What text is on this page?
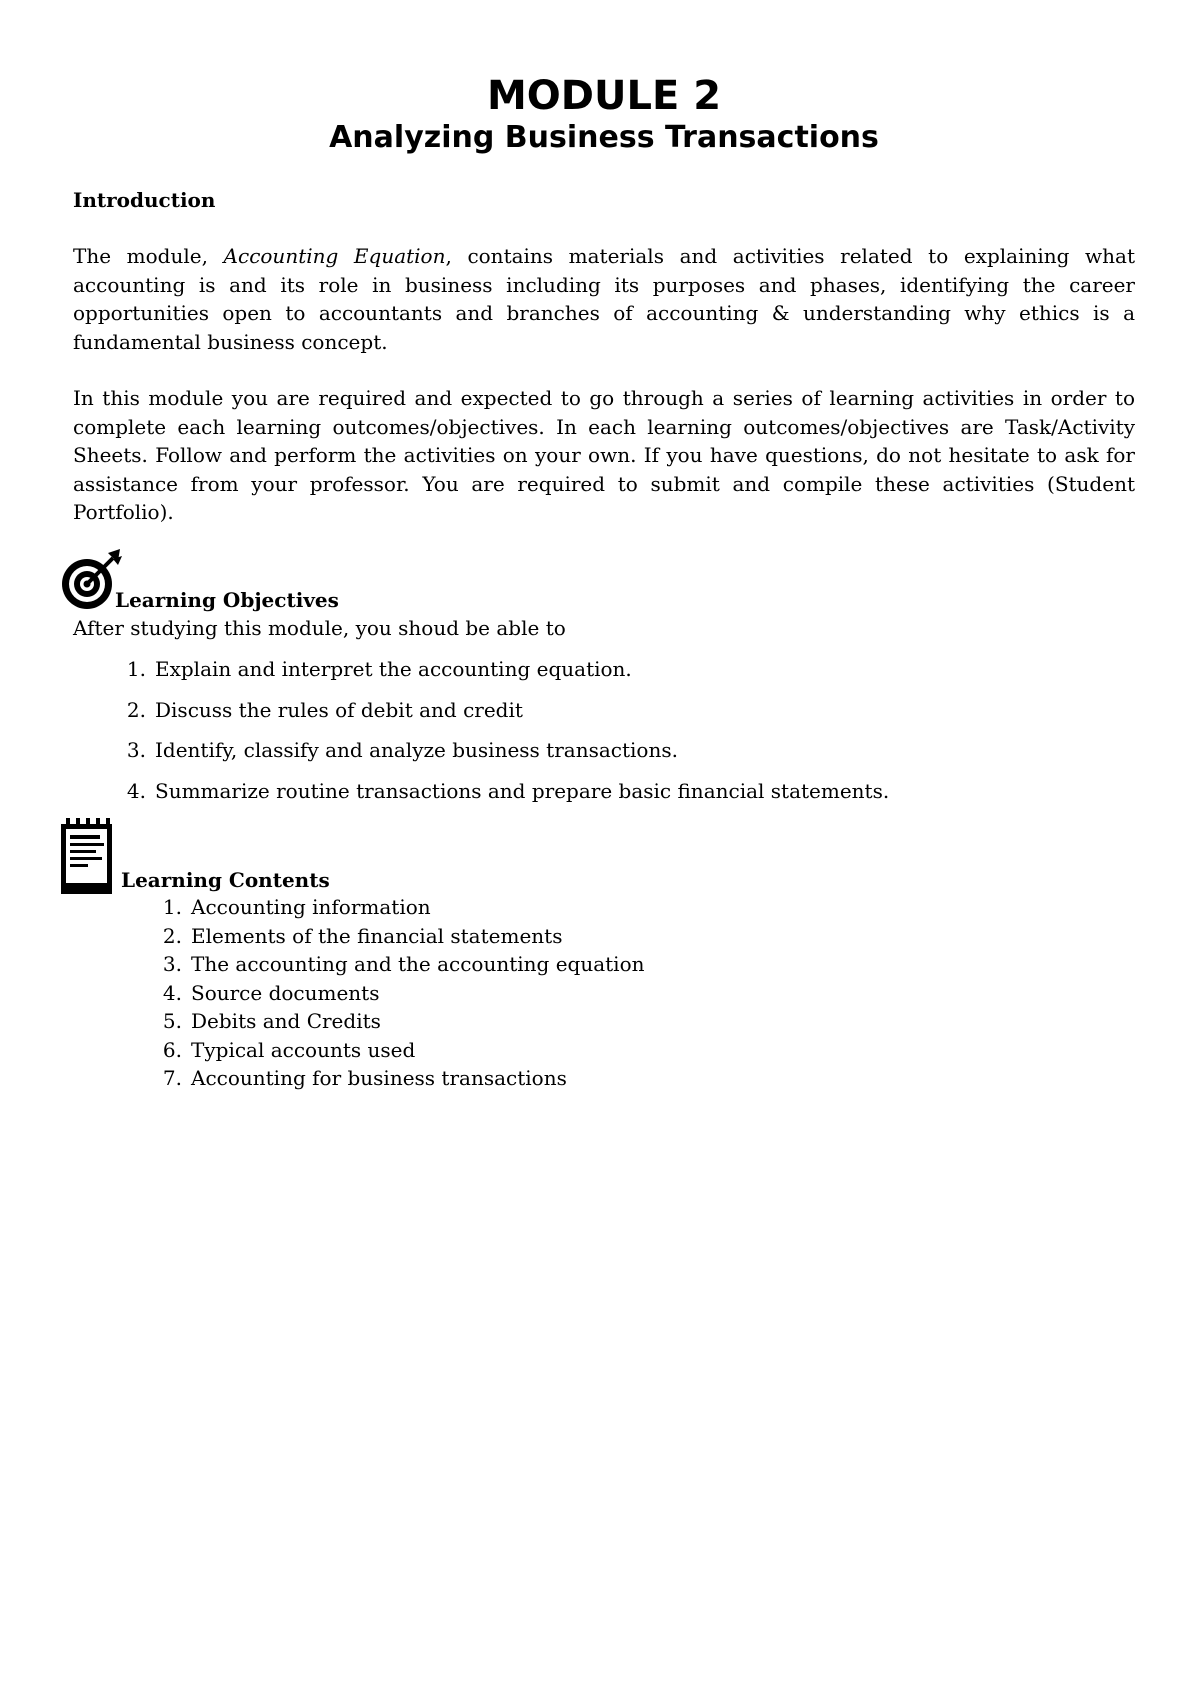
MODULE 2
Analyzing Business Transactions
Introduction

The module, Accounting Equation, contains materials and activities related to explaining what accounting is and its role in business including its purposes and phases, identifying the career opportunities open to accountants and branches of accounting & understanding why ethics is a fundamental business concept.

In this module you are required and expected to go through a series of learning activities in order to complete each learning outcomes/objectives. In each learning outcomes/objectives are Task/Activity Sheets. Follow and perform the activities on your own. If you have questions, do not hesitate to ask for assistance from your professor. You are required to submit and compile these activities (Student Portfolio).

Learning Objectives

After studying this module, you shoud be able to

1. Explain and interpret the accounting equation.
2. Discuss the rules of debit and credit
3. Identify, classify and analyze business transactions.
4. Summarize routine transactions and prepare basic financial statements.
Learning Contents
1. Accounting information
2. Elements of the financial statements
3. The accounting and the accounting equation
4. Source documents
5. Debits and Credits
6. Typical accounts used
7. Accounting for business transactions
